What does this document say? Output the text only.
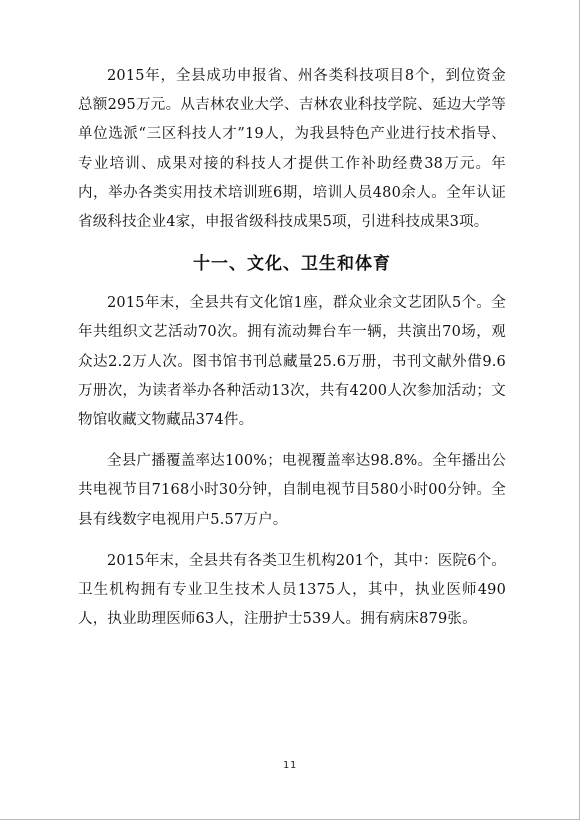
2015年，全县成功申报省、州各类科技项目8个，到位资金总额295万元。从吉林农业大学、吉林农业科技学院、延边大学等单位选派“三区科技人才”19人，为我县特色产业进行技术指导、专业培训、成果对接的科技人才提供工作补助经费38万元。年内，举办各类实用技术培训班6期，培训人员480余人。全年认证省级科技企业4家，申报省级科技成果5项，引进科技成果3项。

十一、文化、卫生和体育

2015年末，全县共有文化馆1座，群众业余文艺团队5个。全年共组织文艺活动70次。拥有流动舞台车一辆，共演出70场，观众达2.2万人次。图书馆书刊总藏量25.6万册，书刊文献外借9.6万册次，为读者举办各种活动13次，共有4200人次参加活动；文物馆收藏文物藏品374件。

全县广播覆盖率达100%；电视覆盖率达98.8%。全年播出公共电视节目7168小时30分钟，自制电视节目580小时00分钟。全县有线数字电视用户5.57万户。

2015年末，全县共有各类卫生机构201个，其中：医院6个。卫生机构拥有专业卫生技术人员1375人，其中，执业医师490人，执业助理医师63人，注册护士539人。拥有病床879张。

11
